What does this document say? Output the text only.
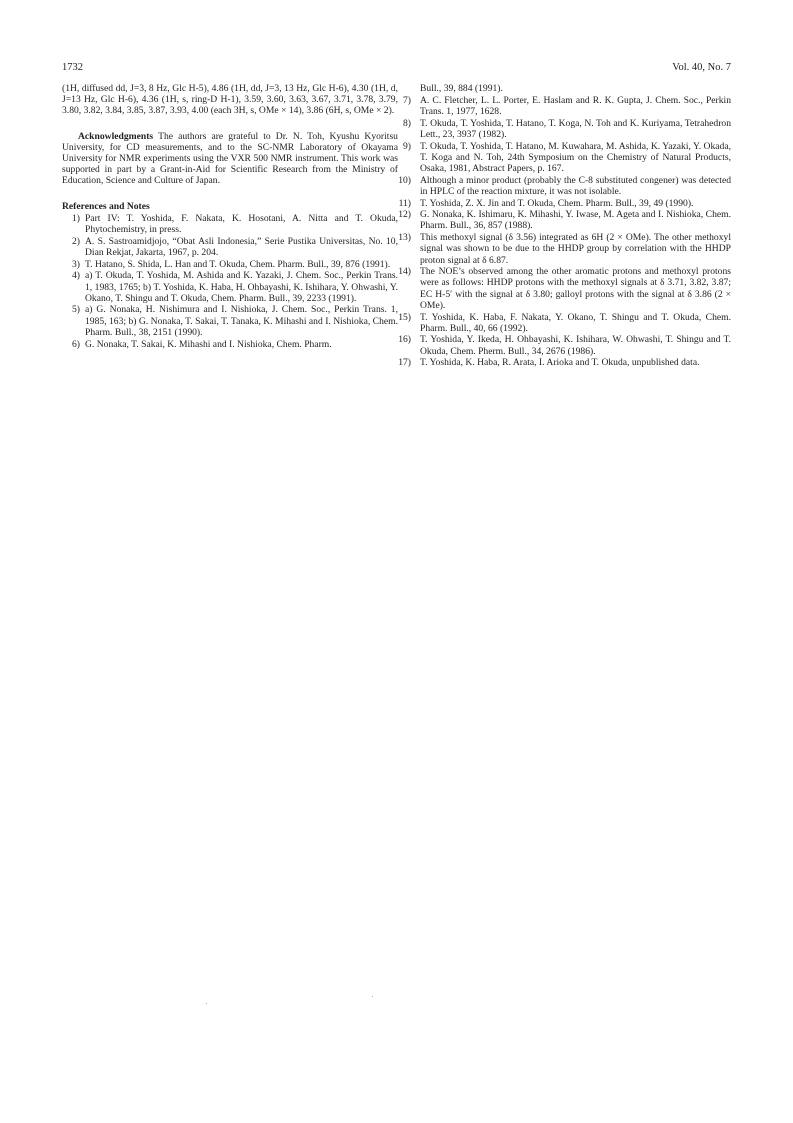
1732	Vol. 40, No. 7

(1H, diffused dd, J=3, 8 Hz, Glc H-5), 4.86 (1H, dd, J=3, 13 Hz, Glc H-6), 4.30 (1H, d, J=13 Hz, Glc H-6), 4.36 (1H, s, ring-D H-1), 3.59, 3.60, 3.63, 3.67, 3.71, 3.78, 3.79, 3.80, 3.82, 3.84, 3.85, 3.87, 3.93, 4.00 (each 3H, s, OMe × 14), 3.86 (6H, s, OMe × 2).

Acknowledgments The authors are grateful to Dr. N. Toh, Kyushu Kyoritsu University, for CD measurements, and to the SC-NMR Laboratory of Okayama University for NMR experiments using the VXR 500 NMR instrument. This work was supported in part by a Grant-in-Aid for Scientific Research from the Ministry of Education, Science and Culture of Japan.

References and Notes
1) Part IV: T. Yoshida, F. Nakata, K. Hosotani, A. Nitta and T. Okuda, Phytochemistry, in press.
2) A. S. Sastroamidjojo, “Obat Asli Indonesia,” Serie Pustika Universitas, No. 10, Dian Rekjat, Jakarta, 1967, p. 204.
3) T. Hatano, S. Shida, L. Han and T. Okuda, Chem. Pharm. Bull., 39, 876 (1991).
4) a) T. Okuda, T. Yoshida, M. Ashida and K. Yazaki, J. Chem. Soc., Perkin Trans. 1, 1983, 1765; b) T. Yoshida, K. Haba, H. Ohbayashi, K. Ishihara, Y. Ohwashi, Y. Okano, T. Shingu and T. Okuda, Chem. Pharm. Bull., 39, 2233 (1991).
5) a) G. Nonaka, H. Nishimura and I. Nishioka, J. Chem. Soc., Perkin Trans. 1, 1985, 163; b) G. Nonaka, T. Sakai, T. Tanaka, K. Mihashi and I. Nishioka, Chem. Pharm. Bull., 38, 2151 (1990).
6) G. Nonaka, T. Sakai, K. Mihashi and I. Nishioka, Chem. Pharm.
Bull., 39, 884 (1991).
7) A. C. Fletcher, L. L. Porter, E. Haslam and R. K. Gupta, J. Chem. Soc., Perkin Trans. 1, 1977, 1628.
8) T. Okuda, T. Yoshida, T. Hatano, T. Koga, N. Toh and K. Kuriyama, Tetrahedron Lett., 23, 3937 (1982).
9) T. Okuda, T. Yoshida, T. Hatano, M. Kuwahara, M. Ashida, K. Yazaki, Y. Okada, T. Koga and N. Toh, 24th Symposium on the Chemistry of Natural Products, Osaka, 1981, Abstract Papers, p. 167.
10) Although a minor product (probably the C-8 substituted congener) was detected in HPLC of the reaction mixture, it was not isolable.
11) T. Yoshida, Z. X. Jin and T. Okuda, Chem. Pharm. Bull., 39, 49 (1990).
12) G. Nonaka, K. Ishimaru, K. Mihashi, Y. Iwase, M. Ageta and I. Nishioka, Chem. Pharm. Bull., 36, 857 (1988).
13) This methoxyl signal (δ 3.56) integrated as 6H (2 × OMe). The other methoxyl signal was shown to be due to the HHDP group by correlation with the HHDP proton signal at δ 6.87.
14) The NOE’s observed among the other aromatic protons and methoxyl protons were as follows: HHDP protons with the methoxyl signals at δ 3.71, 3.82, 3.87; EC H-5′ with the signal at δ 3.80; galloyl protons with the signal at δ 3.86 (2 × OMe).
15) T. Yoshida, K. Haba, F. Nakata, Y. Okano, T. Shingu and T. Okuda, Chem. Pharm. Bull., 40, 66 (1992).
16) T. Yoshida, Y. Ikeda, H. Ohbayashi, K. Ishihara, W. Ohwashi, T. Shingu and T. Okuda, Chem. Pherm. Bull., 34, 2676 (1986).
17) T. Yoshida, K. Haba, R. Arata, I. Arioka and T. Okuda, unpublished data.
